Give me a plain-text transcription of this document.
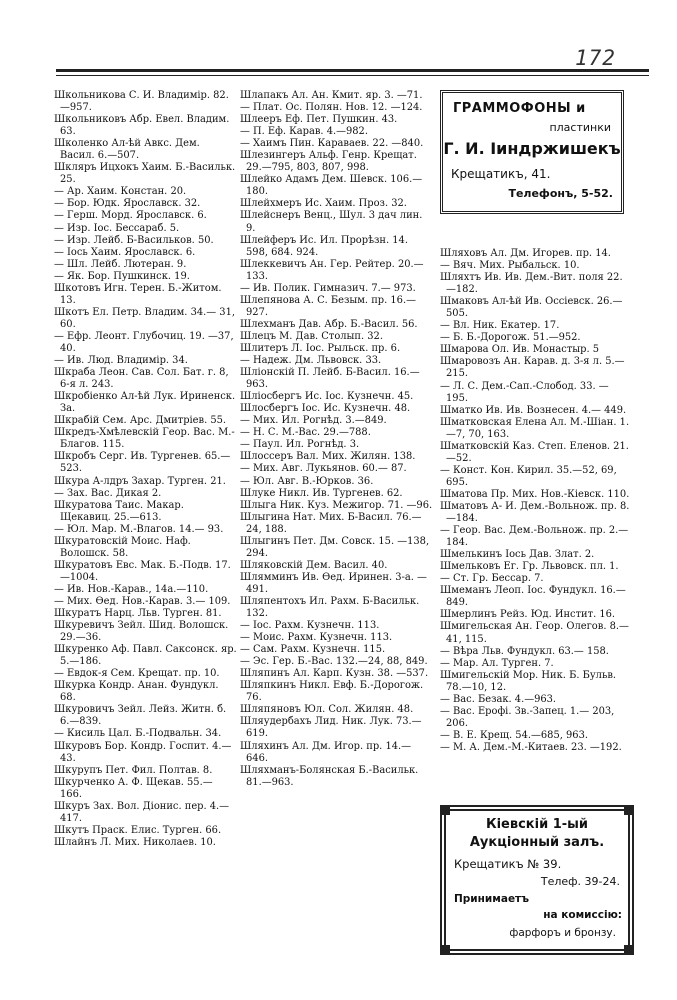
172
Школьникова С. И. Владимір. 82.—957.
Школьниковъ Абр. Евел. Владим. 63.
Школенко Ал-ѣй Авкс. Дем. Васил. 6.—507.
Шкляръ Ицхокъ Хаим. Б.-Васильк. 25.
— Ар. Хаим. Констан. 20.
— Бор. Юдк. Ярославск. 32.
— Герш. Морд. Ярославск. 6.
— Изр. Іос. Бессараб. 5.
— Изр. Лейб. Б-Васильков. 50.
— Іось Хаим. Ярославск. 6.
— Шл. Лейб. Лютеран. 9.
— Як. Бор. Пушкинск. 19.
Шкотовъ Игн. Терен. Б.-Житом. 13.
Шкотъ Ел. Петр. Владим. 34.— 31, 60.
— Ефр. Леонт. Глубочиц. 19. —37, 40.
— Ив. Люд. Владимір. 34.
Шкраба Леон. Сав. Сол. Бат. г. 8, 6-я л. 243.
Шкробіенко Ал-ѣй Лук. Ириненск. За.
Шкрабій Сем. Арс. Дмитріев. 55.
Шкредъ-Хмѣлевскій Геор. Вас. М.-Благов. 115.
Шкробъ Серг. Ив. Тургенев. 65.—523.
Шкура А-лдръ Захар. Турген. 21.
— Зах. Вас. Дикая 2.
Шкуратова Таис. Макар. Щекавиц. 25.—613.
— Юл. Мар. М.-Влагов. 14.— 93.
Шкуратовскій Моис. Наф. Волошск. 58.
Шкуратовъ Евс. Мак. Б.-Подв. 17.—1004.
— Ив. Нов.-Карав., 14а.—110.
— Мих. Өед. Нов.-Карав. 3.— 109.
Шкуратъ Нарц. Льв. Турген. 81.
Шкуревичъ Зейл. Шид. Волошск. 29.—36.
Шкуренко Аф. Павл. Саксонск. яр. 5.—186.
— Евдок-я Сем. Крещат. пр. 10.
Шкурка Кондр. Анан. Фундукл. 68.
Шкуровичъ Зейл. Лейз. Житн. б. 6.—839.
— Кисиль Цал. Б.-Подвальн. 34.
Шкуровъ Бор. Кондр. Госпит. 4.—43.
Шкурупъ Пет. Фил. Полтав. 8.
Шкурченко А. Ф. Щекав. 55.— 166.
Шкуръ Зах. Вол. Діонис. пер. 4.—417.
Шкутъ Праск. Елис. Турген. 66.
Шлайнъ Л. Мих. Николаев. 10.
Шлапакъ Ал. Ан. Кмит. яр. 3. —71.
— Плат. Ос. Полян. Нов. 12. —124.
Шлееръ Еф. Пет. Пушкин. 43.
— П. Еф. Карав. 4.—982.
— Хаимъ Пин. Караваев. 22. —840.
Шлезингеръ Альф. Генр. Крещат. 29.—795, 803, 807, 998.
Шлейко Адамъ Дем. Шевск. 106.—180.
Шлейхмеръ Ис. Хаим. Проз. 32.
Шлейснеръ Венц., Шул. 3 дач лин. 9.
Шлейферъ Ис. Ил. Прорѣзн. 14. 598, 684. 924.
Шлеккевичъ Ан. Гер. Рейтер. 20.—133.
— Ив. Полик. Гимназич. 7.— 973.
Шлепянова А. С. Безым. пр. 16.—927.
Шлехманъ Дав. Абр. Б.-Васил. 56.
Шлецъ М. Дав. Столып. 32.
Шлитеръ Л. Іос. Рыльск. пр. 6.
— Надеж. Дм. Львовск. 33.
Шліонскій П. Лейб. Б-Васил. 16.—963.
Шліосбергъ Ис. Іос. Кузнечн. 45.
Шлосбергъ Іос. Ис. Кузнечн. 48.
— Мих. Ил. Рогнѣд. 3.—849.
— Н. С. М.-Вас. 29.—788.
— Паул. Ил. Рогнѣд. 3.
Шлоссеръ Вал. Мих. Жилян. 138.
— Мих. Авг. Лукьянов. 60.— 87.
— Юл. Авг. В.-Юрков. 36.
Шлуке Никл. Ив. Тургенев. 62.
Шлыга Ник. Куз. Межигор. 71. —96.
Шлыгина Нат. Мих. Б-Васил. 76.—24, 188.
Шлыгинъ Пет. Дм. Совск. 15. —138, 294.
Шляковскій Дем. Васил. 40.
Шлямминъ Ив. Өед. Иринен. 3-а. —491.
Шляпентохъ Ил. Рахм. Б-Васильк. 132.
— Іос. Рахм. Кузнечн. 113.
— Моис. Рахм. Кузнечн. 113.
— Сам. Рахм. Кузнечн. 115.
— Эс. Гер. Б.-Вас. 132.—24, 88, 849.
Шляпинъ Ал. Карп. Кузн. 38. —537.
Шляпкинъ Никл. Евф. Б.-Дорогож. 76.
Шляпяновъ Юл. Сол. Жилян. 48.
Шляудербахъ Лид. Ник. Лук. 73.—619.
Шляхинъ Ал. Дм. Игор. пр. 14.—646.
Шляхманъ-Болянская Б.-Васильк. 81.—963.
Шляховъ Ал. Дм. Игорев. пр. 14.
— Вяч. Мих. Рыбальск. 10.
Шляхтъ Ив. Ив. Дем.-Вит. поля 22.—182.
Шмаковъ Ал-ѣй Ив. Оссіевск. 26.—505.
— Вл. Ник. Екатер. 17.
— Б. Б.-Дорогож. 51.—952.
Шмарова Ол. Ив. Монастыр. 5
Шмаровозъ Ан. Карав. д. 3-я л. 5.—215.
— Л. С. Дем.-Сап.-Слобод. 33. —195.
Шматко Ив. Ив. Вознесен. 4.— 449.
Шматковская Елена Ал. М.-Шіан. 1.—7, 70, 163.
Шматковскій Каз. Степ. Еленов. 21.—52.
— Конст. Кон. Кирил. 35.—52, 69, 695.
Шматова Пр. Мих. Нов.-Кіевск. 110.
Шматовъ А- И. Дем.-Вольнож. пр. 8.—184.
— Геор. Вас. Дем.-Вольнож. пр. 2.—184.
Шмелькинъ Іось Дав. Злат. 2.
Шмельковъ Ег. Гр. Львовск. пл. 1.
— Ст. Гр. Бессар. 7.
Шмеманъ Леоп. Іос. Фундукл. 16.—849.
Шмерлинъ Рейз. Юд. Инстит. 16.
Шмигельская Ан. Геор. Олегов. 8.—41, 115.
— Вѣра Льв. Фундукл. 63.— 158.
— Мар. Ал. Турген. 7.
Шмигельскій Мор. Ник. Б. Бульв. 78.—10, 12.
— Вас. Безак. 4.—963.
— Вас. Ерофі. Зв.-Запец. 1.— 203, 206.
— В. Е. Крещ. 54.—685, 963.
— М. А. Дем.-М.-Китаев. 23. —192.
ГРАММОФОНЫ и
пластинки
Г. И. Іиндржишекъ
Крещатикъ, 41.
Телефонъ, 5-52.
Кіевскій 1-ый
Аукціонный залъ.
Крещатикъ № 39.
Телеф. 39-24.
Принимаетъ
на комиссію:
фарфоръ и бронзу.
